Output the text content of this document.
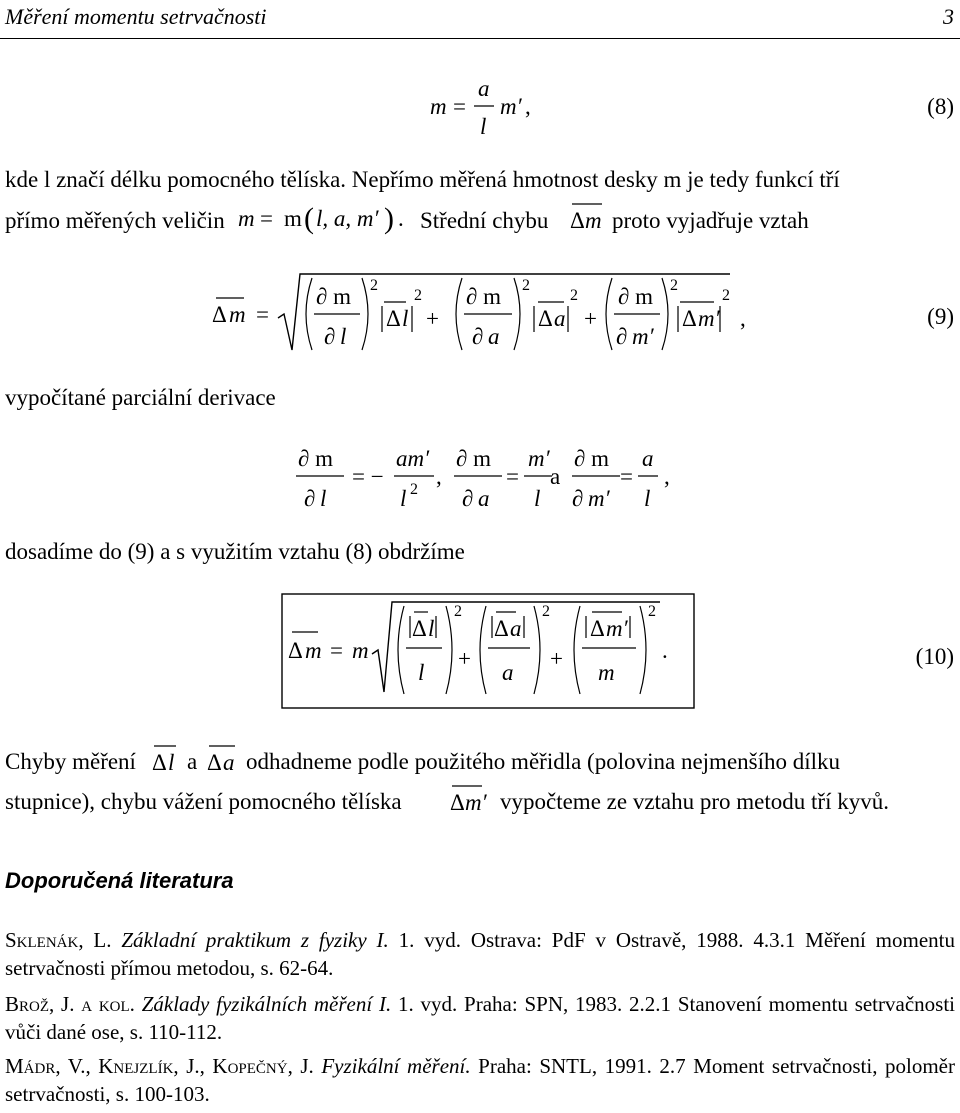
Měření momentu setrvačnosti	3
m =
a
l
m′ ,	(8)
kde l značí délku pomocného tělíska. Nepřímo měřená hmotnost desky m je tedy funkcí tří
přímo měřených veličin m = m ( l, a, m′ ) . Střední chybu Δ m proto vyjadřuje vztah
Δ m =
∂ m
∂ l
2
Δ l
2
+
∂ m
∂ a
2
Δ a
2
+
∂ m
∂ m′
2
Δ m′
2
,	(9)
vypočítané parciální derivace
∂ m
∂ l
= −
am′
l 2
,
∂ m
∂ a
=
m′
l
a
∂ m
∂ m′
=
a
l
,
dosadíme do (9) a s využitím vztahu (8) obdržíme
Δ m = m
Δ l
l
2
+
Δ a
a
2
+
Δ m′
m
2
.	(10)
Chyby měření Δ l a Δ a odhadneme podle použitého měřidla (polovina nejmenšího dílku
stupnice), chybu vážení pomocného tělíska Δ m′ vypočteme ze vztahu pro metodu tří kyvů.
Doporučená literatura
Sklenák, L. Základní praktikum z fyziky I. 1. vyd. Ostrava: PdF v Ostravě, 1988. 4.3.1 Měření momentu setrvačnosti přímou metodou, s. 62-64.
Brož, J. a kol. Základy fyzikálních měření I. 1. vyd. Praha: SPN, 1983. 2.2.1 Stanovení momentu setrvačnosti vůči dané ose, s. 110-112.
Mádr, V., Knejzlík, J., Kopečný, J. Fyzikální měření. Praha: SNTL, 1991. 2.7 Moment setrvačnosti, poloměr setrvačnosti, s. 100-103.
